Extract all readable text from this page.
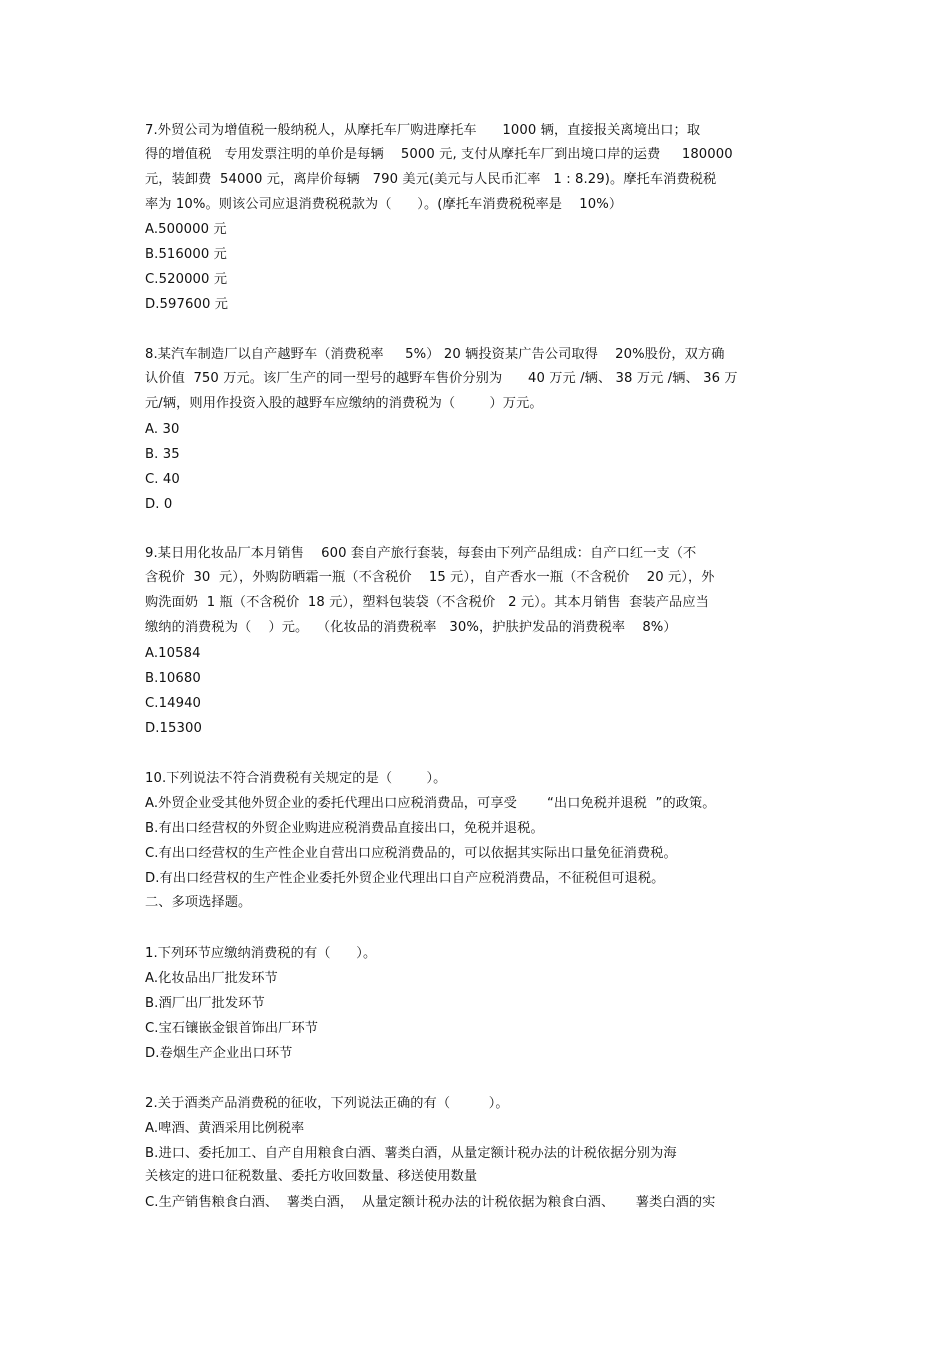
7.外贸公司为增值税一般纳税人，从摩托车厂购进摩托车      1000 辆，直接报关离境出口；取
得的增值税   专用发票注明的单价是每辆    5000 元, 支付从摩托车厂到出境口岸的运费     180000
元，装卸费  54000 元，离岸价每辆   790 美元(美元与人民币汇率   1 : 8.29)。摩托车消费税税
率为 10%。则该公司应退消费税税款为（      ）。(摩托车消费税税率是    10%）
A.500000 元
B.516000 元
C.520000 元
D.597600 元
8.某汽车制造厂以自产越野车（消费税率     5%） 20 辆投资某广告公司取得    20%股份，双方确
认价值  750 万元。该厂生产的同一型号的越野车售价分别为      40 万元 /辆、 38 万元 /辆、 36 万
元/辆，则用作投资入股的越野车应缴纳的消费税为（        ）万元。
A. 30
B. 35
C. 40
D. 0
9.某日用化妆品厂本月销售    600 套自产旅行套装，每套由下列产品组成：自产口红一支（不
含税价  30  元），外购防晒霜一瓶（不含税价    15 元），自产香水一瓶（不含税价    20 元），外
购洗面奶  1 瓶（不含税价  18 元），塑料包装袋（不含税价   2 元）。其本月销售  套装产品应当
缴纳的消费税为（    ）元。  （化妆品的消费税率   30%，护肤护发品的消费税率    8%）
A.10584
B.10680
C.14940
D.15300
10.下列说法不符合消费税有关规定的是（        ）。
A.外贸企业受其他外贸企业的委托代理出口应税消费品，可享受       “出口免税并退税  ”的政策。
B.有出口经营权的外贸企业购进应税消费品直接出口，免税并退税。
C.有出口经营权的生产性企业自营出口应税消费品的，可以依据其实际出口量免征消费税。
D.有出口经营权的生产性企业委托外贸企业代理出口自产应税消费品，不征税但可退税。
二、多项选择题。
1.下列环节应缴纳消费税的有（      ）。
A.化妆品出厂批发环节
B.酒厂出厂批发环节
C.宝石镶嵌金银首饰出厂环节
D.卷烟生产企业出口环节
2.关于酒类产品消费税的征收，下列说法正确的有（         ）。
A.啤酒、黄酒采用比例税率
B.进口、委托加工、自产自用粮食白酒、薯类白酒，从量定额计税办法的计税依据分别为海
关核定的进口征税数量、委托方收回数量、移送使用数量
C.生产销售粮食白酒、  薯类白酒，  从量定额计税办法的计税依据为粮食白酒、     薯类白酒的实
